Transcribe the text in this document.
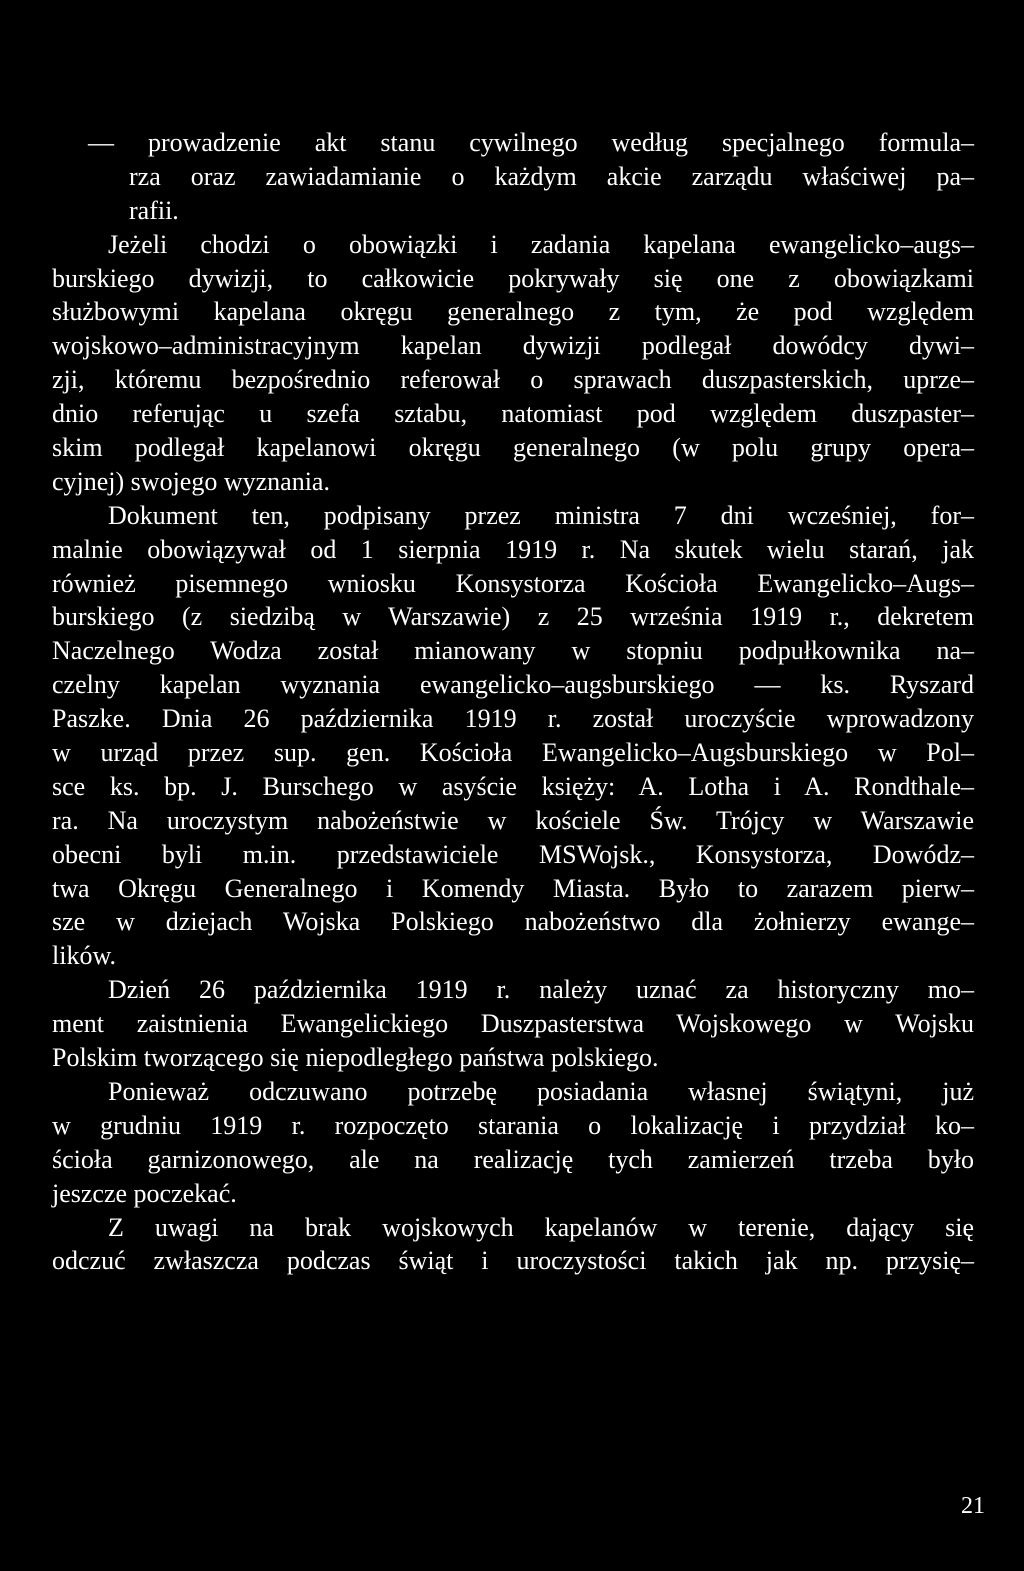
— prowadzenie akt stanu cywilnego według specjalnego formula–
rza oraz zawiadamianie o każdym akcie zarządu właściwej pa–
rafii.
Jeżeli chodzi o obowiązki i zadania kapelana ewangelicko–augs–
burskiego dywizji, to całkowicie pokrywały się one z obowiązkami
służbowymi kapelana okręgu generalnego z tym, że pod względem
wojskowo–administracyjnym kapelan dywizji podlegał dowódcy dywi–
zji, któremu bezpośrednio referował o sprawach duszpasterskich, uprze–
dnio referując u szefa sztabu, natomiast pod względem duszpaster–
skim podlegał kapelanowi okręgu generalnego (w polu grupy opera–
cyjnej) swojego wyznania.
Dokument ten, podpisany przez ministra 7 dni wcześniej, for–
malnie obowiązywał od 1 sierpnia 1919 r. Na skutek wielu starań, jak
również pisemnego wniosku Konsystorza Kościoła Ewangelicko–Augs–
burskiego (z siedzibą w Warszawie) z 25 września 1919 r., dekretem
Naczelnego Wodza został mianowany w stopniu podpułkownika na–
czelny kapelan wyznania ewangelicko–augsburskiego — ks. Ryszard
Paszke. Dnia 26 października 1919 r. został uroczyście wprowadzony
w urząd przez sup. gen. Kościoła Ewangelicko–Augsburskiego w Pol–
sce ks. bp. J. Burschego w asyście księży: A. Lotha i A. Rondthale–
ra. Na uroczystym nabożeństwie w kościele Św. Trójcy w Warszawie
obecni byli m.in. przedstawiciele MSWojsk., Konsystorza, Dowódz–
twa Okręgu Generalnego i Komendy Miasta. Było to zarazem pierw–
sze w dziejach Wojska Polskiego nabożeństwo dla żołnierzy ewange–
lików.
Dzień 26 października 1919 r. należy uznać za historyczny mo–
ment zaistnienia Ewangelickiego Duszpasterstwa Wojskowego w Wojsku
Polskim tworzącego się niepodległego państwa polskiego.
Ponieważ odczuwano potrzebę posiadania własnej świątyni, już
w grudniu 1919 r. rozpoczęto starania o lokalizację i przydział ko–
ścioła garnizonowego, ale na realizację tych zamierzeń trzeba było
jeszcze poczekać.
Z uwagi na brak wojskowych kapelanów w terenie, dający się
odczuć zwłaszcza podczas świąt i uroczystości takich jak np. przysię–
21
